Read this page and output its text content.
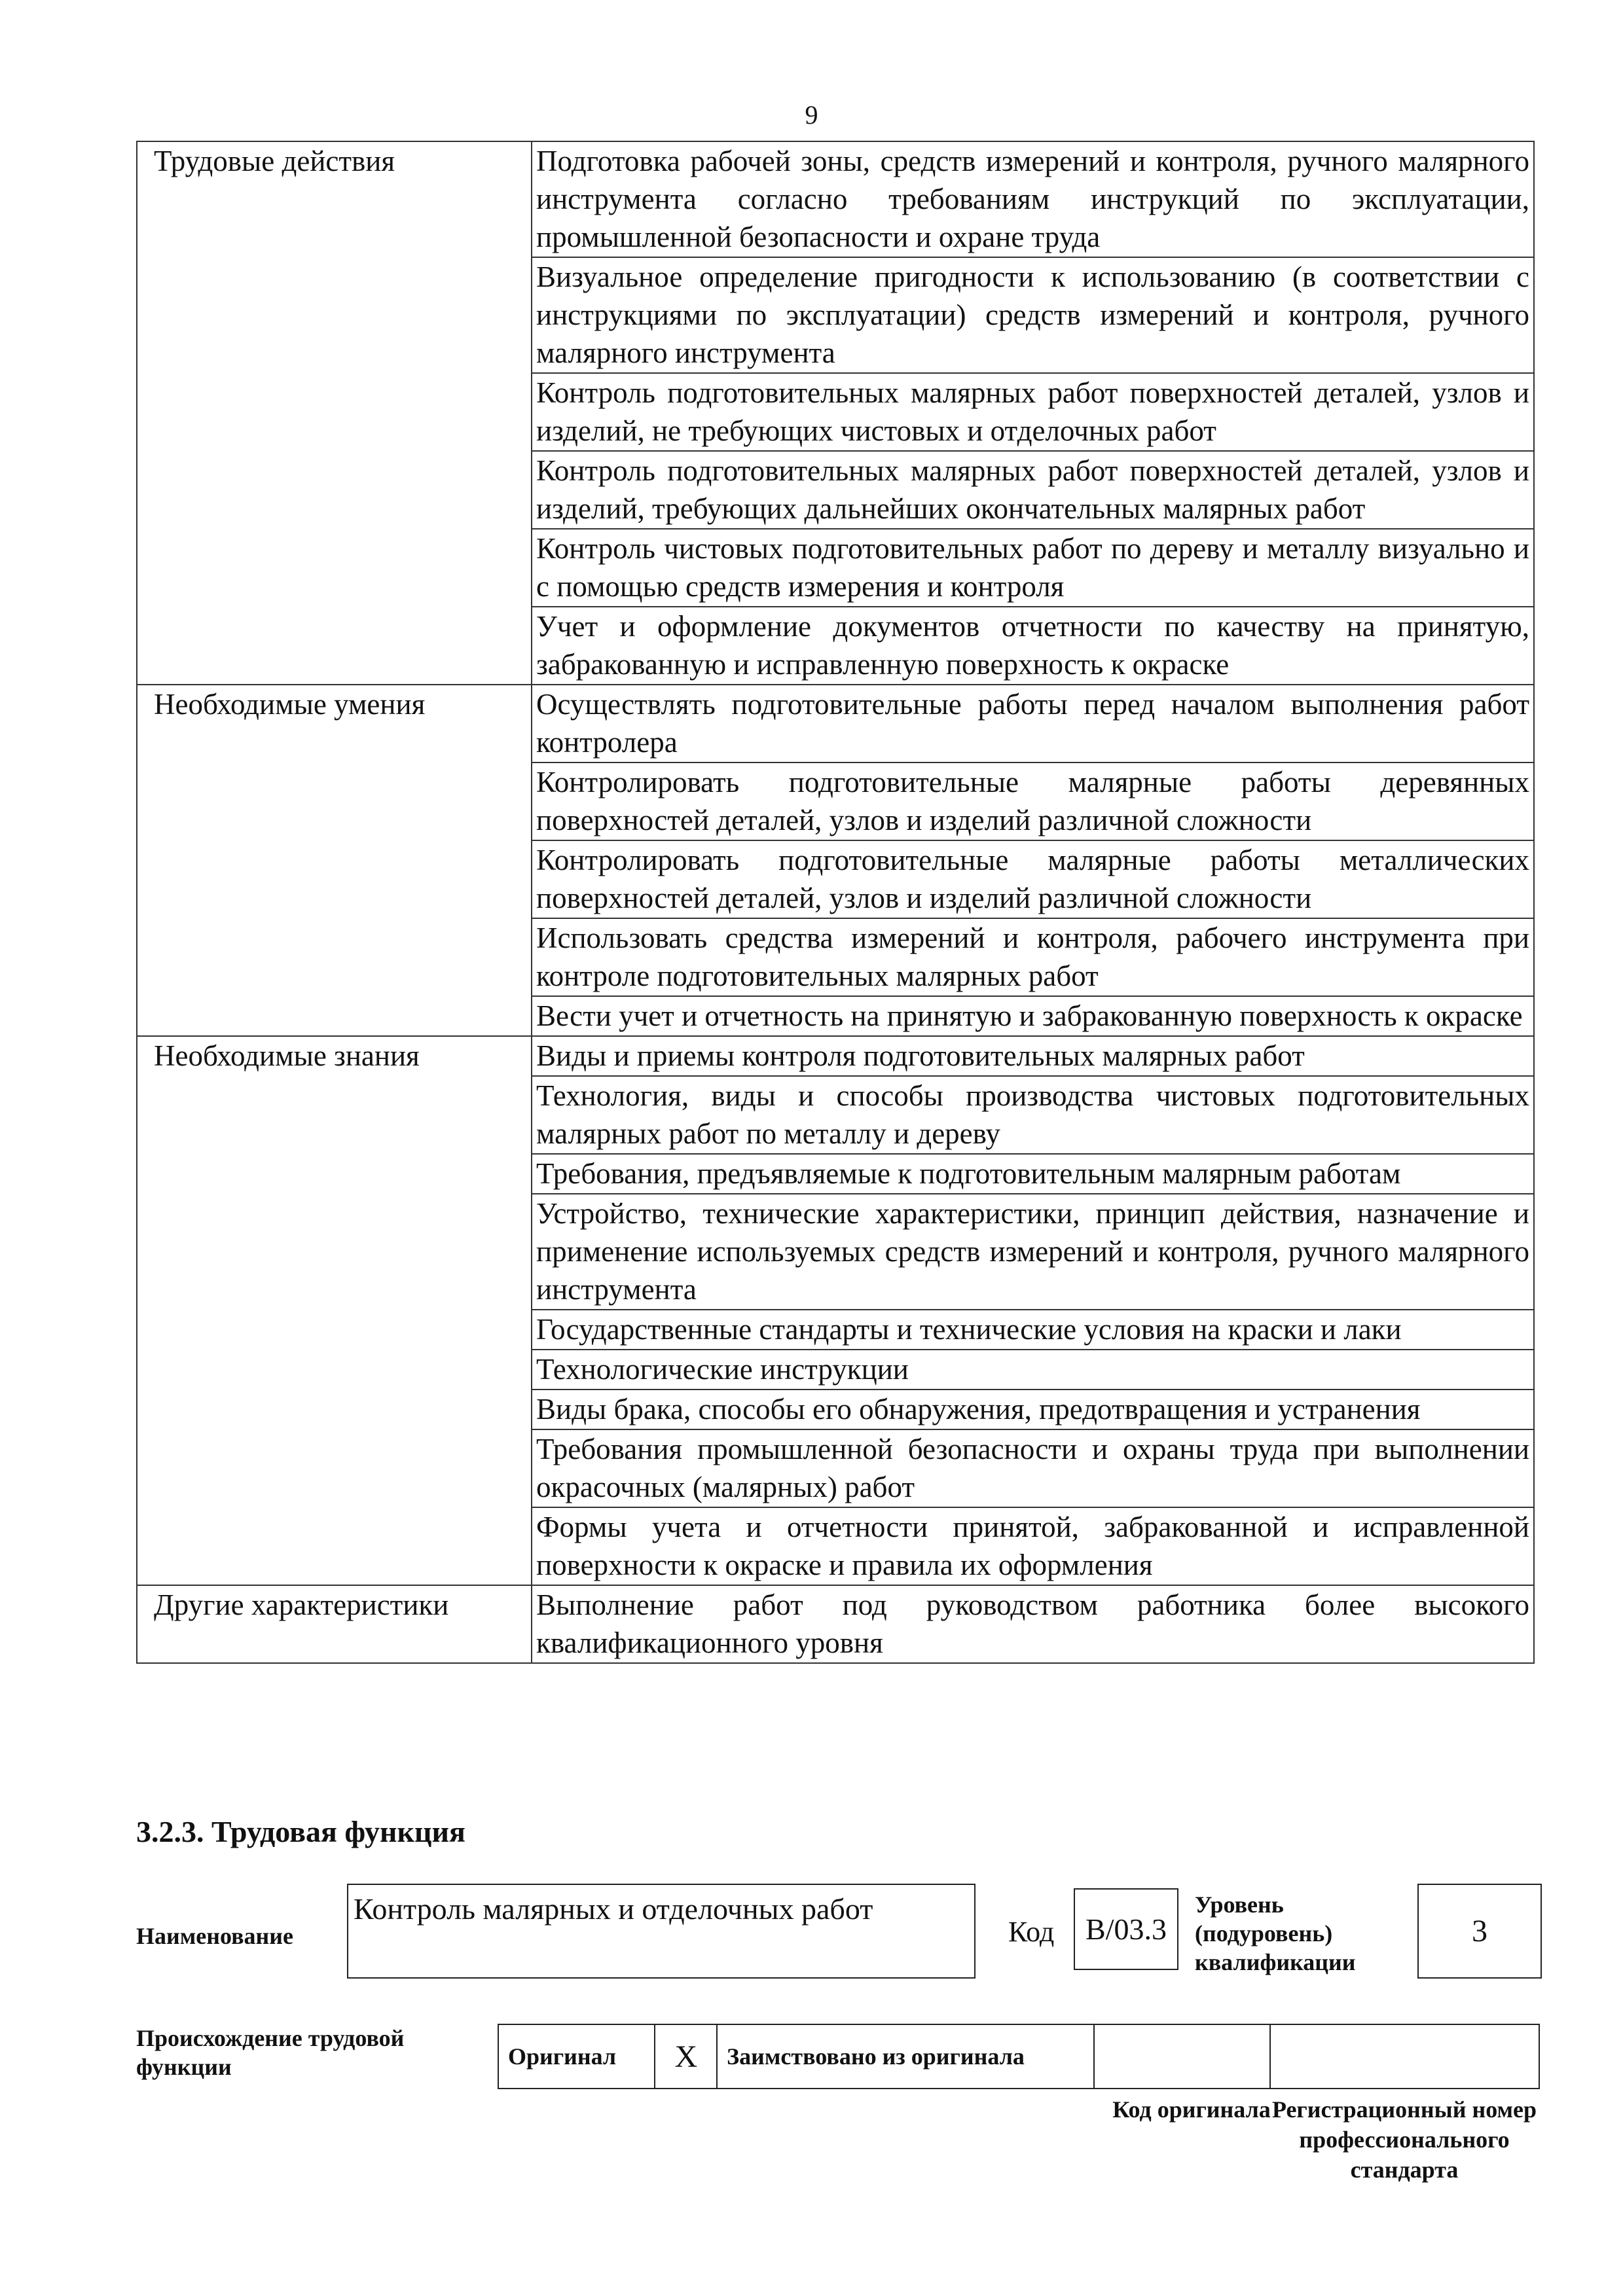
9
Трудовые действия	Подготовка рабочей зоны, средств измерений и контроля, ручного малярного инструмента согласно требованиям инструкций по эксплуатации, промышленной безопасности и охране труда
	Визуальное определение пригодности к использованию (в соответствии с инструкциями по эксплуатации) средств измерений и контроля, ручного малярного инструмента
	Контроль подготовительных малярных работ поверхностей деталей, узлов и изделий, не требующих чистовых и отделочных работ
	Контроль подготовительных малярных работ поверхностей деталей, узлов и изделий, требующих дальнейших окончательных малярных работ
	Контроль чистовых подготовительных работ по дереву и металлу визуально и с помощью средств измерения и контроля
	Учет и оформление документов отчетности по качеству на принятую, забракованную и исправленную поверхность к окраске
Необходимые умения	Осуществлять подготовительные работы перед началом выполнения работ контролера
	Контролировать подготовительные малярные работы деревянных поверхностей деталей, узлов и изделий различной сложности
	Контролировать подготовительные малярные работы металлических поверхностей деталей, узлов и изделий различной сложности
	Использовать средства измерений и контроля, рабочего инструмента при контроле подготовительных малярных работ
	Вести учет и отчетность на принятую и забракованную поверхность к окраске
Необходимые знания	Виды и приемы контроля подготовительных малярных работ
	Технология, виды и способы производства чистовых подготовительных малярных работ по металлу и дереву
	Требования, предъявляемые к подготовительным малярным работам
	Устройство, технические характеристики, принцип действия, назначение и применение используемых средств измерений и контроля, ручного малярного инструмента
	Государственные стандарты и технические условия на краски и лаки
	Технологические инструкции
	Виды брака, способы его обнаружения, предотвращения и устранения
	Требования промышленной безопасности и охраны труда при выполнении окрасочных (малярных) работ
	Формы учета и отчетности принятой, забракованной и исправленной поверхности к окраске и правила их оформления
Другие характеристики	Выполнение работ под руководством работника более высокого квалификационного уровня
3.2.3. Трудовая функция
Наименование
Контроль малярных и отделочных работ
Код	B/03.3
Уровень (подуровень) квалификации
3
Происхождение трудовой функции	Оригинал X Заимствовано из оригинала
Код оригинала Регистрационный номер профессионального стандарта
